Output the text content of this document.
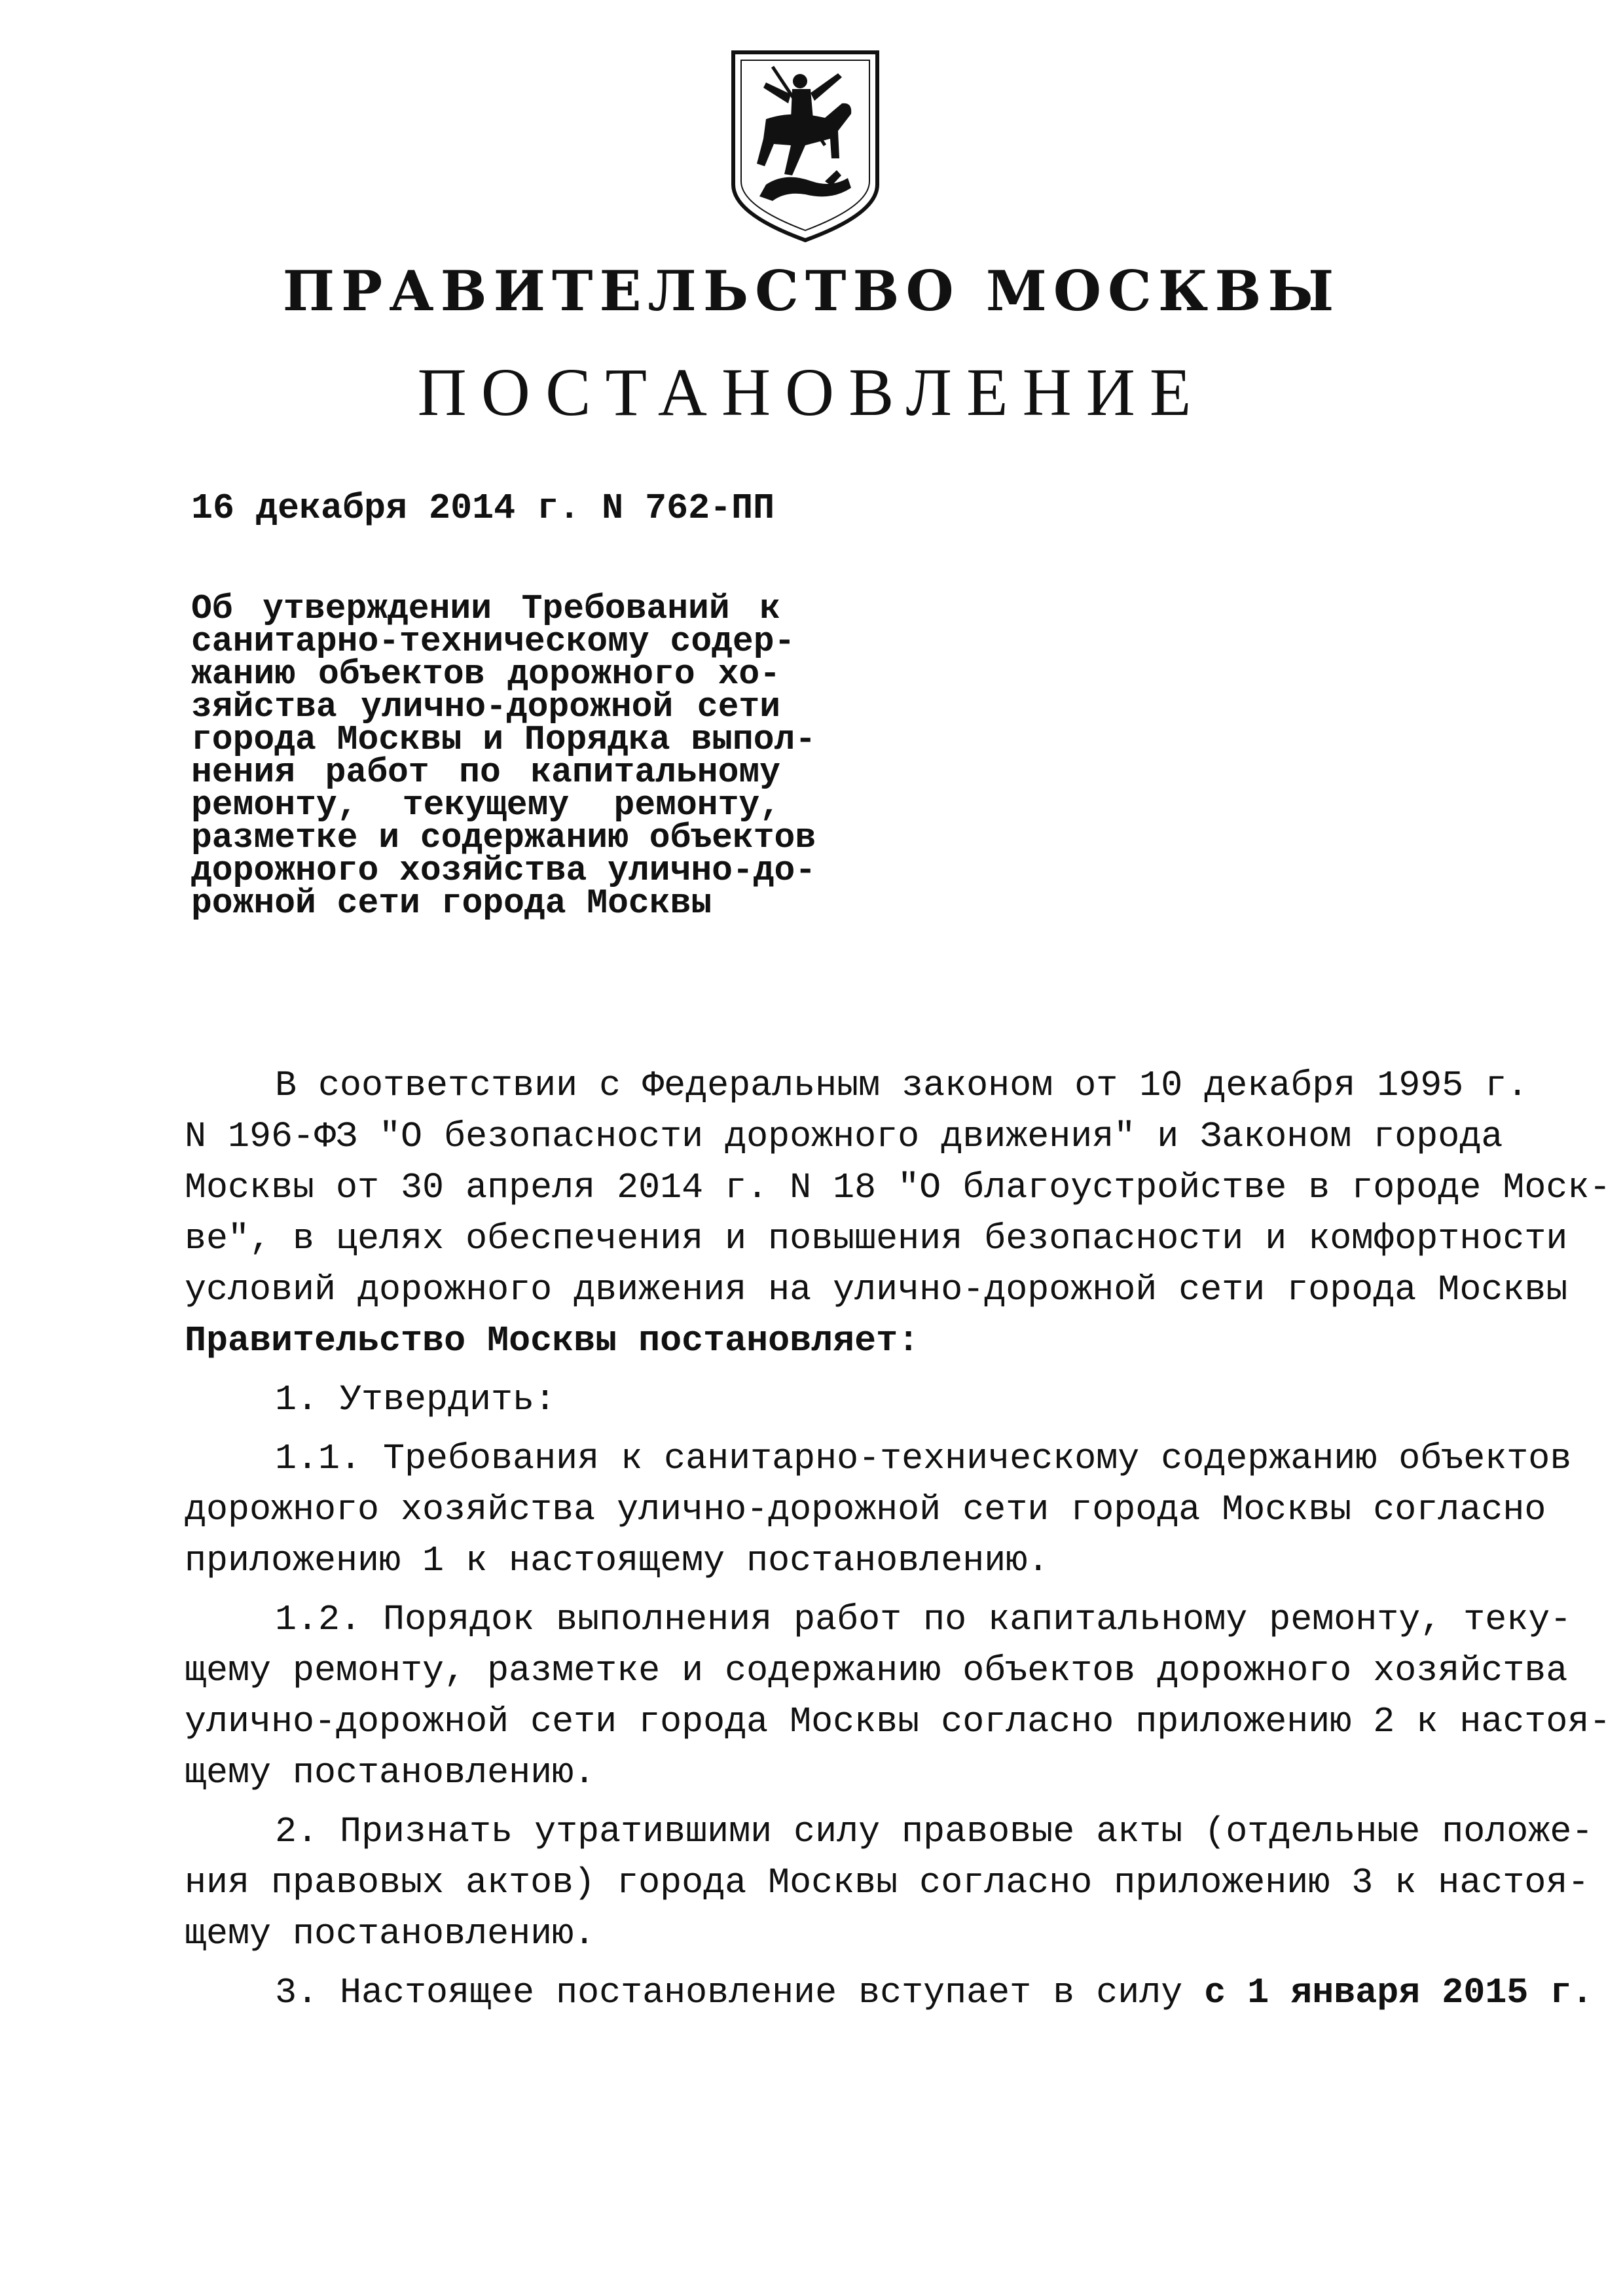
ПРАВИТЕЛЬСТВО МОСКВЫ
ПОСТАНОВЛЕНИЕ
16 декабря 2014 г. N 762-ПП
Об утверждении Требований к
санитарно-техническому содер-
жанию объектов дорожного хо-
зяйства улично-дорожной сети
города Москвы и Порядка выпол-
нения работ по капитальному
ремонту, текущему ремонту,
разметке и содержанию объектов
дорожного хозяйства улично-до-
рожной сети города Москвы
В соответствии с Федеральным законом от 10 декабря 1995 г.
N 196-ФЗ "О безопасности дорожного движения" и Законом города
Москвы от 30 апреля 2014 г. N 18 "О благоустройстве в городе Моск-
ве", в целях обеспечения и повышения безопасности и комфортности
условий дорожного движения на улично-дорожной сети города Москвы
Правительство Москвы постановляет:
1. Утвердить:
1.1. Требования к санитарно-техническому содержанию объектов
дорожного хозяйства улично-дорожной сети города Москвы согласно
приложению 1 к настоящему постановлению.
1.2. Порядок выполнения работ по капитальному ремонту, теку-
щему ремонту, разметке и содержанию объектов дорожного хозяйства
улично-дорожной сети города Москвы согласно приложению 2 к настоя-
щему постановлению.
2. Признать утратившими силу правовые акты (отдельные положе-
ния правовых актов) города Москвы согласно приложению 3 к настоя-
щему постановлению.
3. Настоящее постановление вступает в силу с 1 января 2015 г.
